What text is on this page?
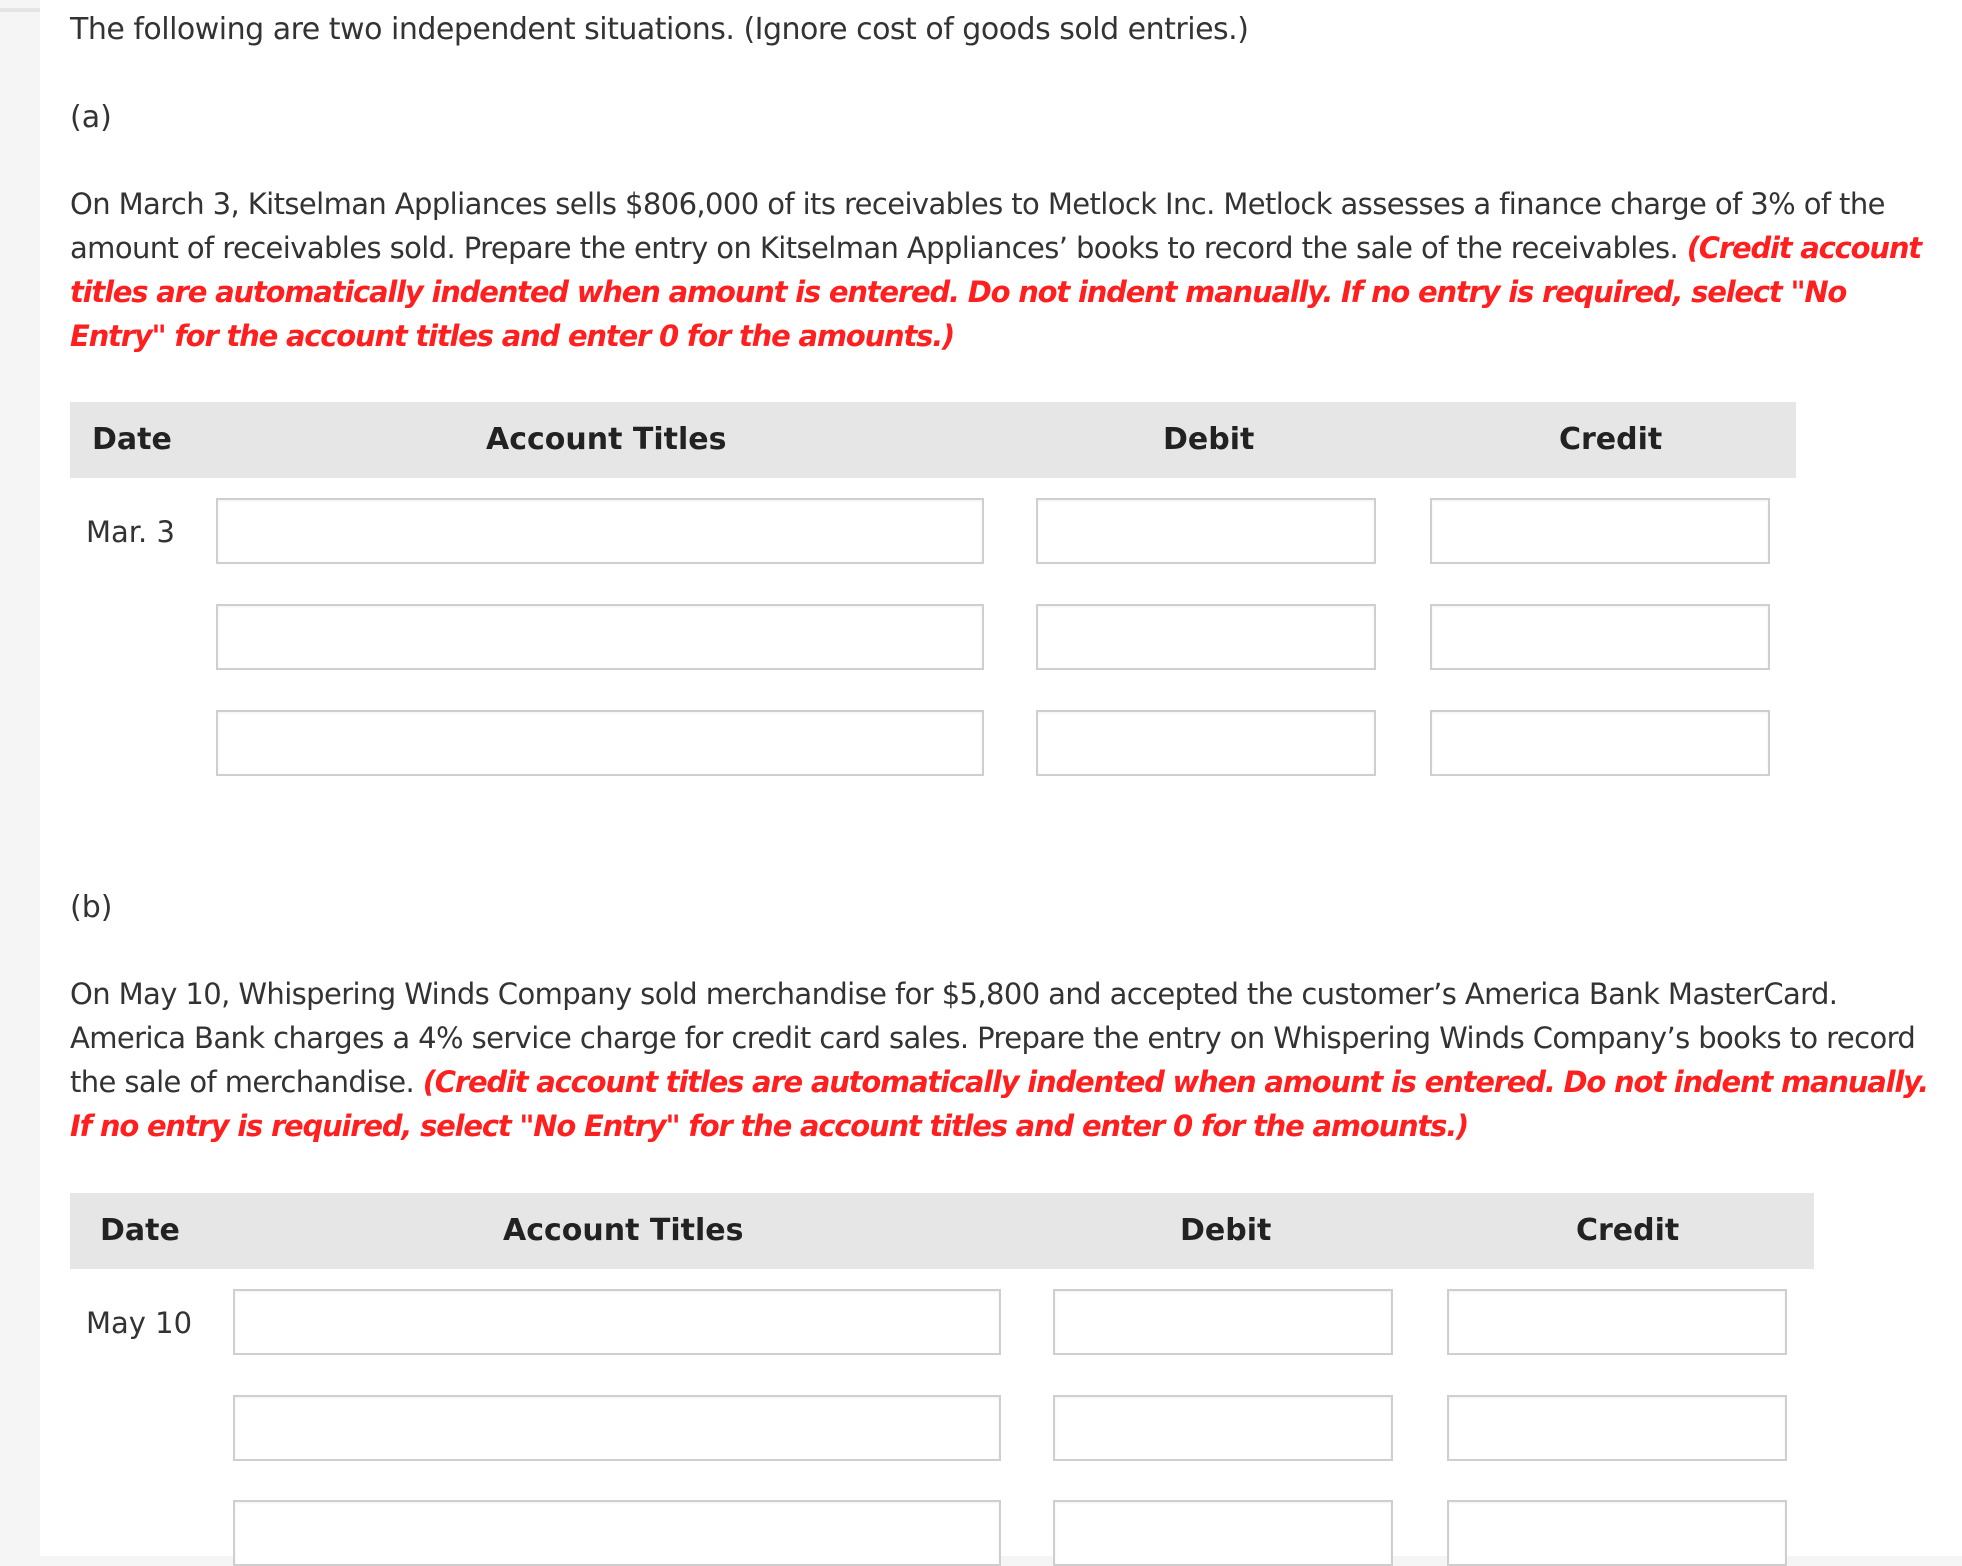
The following are two independent situations. (Ignore cost of goods sold entries.)
(a)
On March 3, Kitselman Appliances sells $806,000 of its receivables to Metlock Inc. Metlock assesses a finance charge of 3% of the amount of receivables sold. Prepare the entry on Kitselman Appliances’ books to record the sale of the receivables. (Credit account titles are automatically indented when amount is entered. Do not indent manually. If no entry is required, select "No Entry" for the account titles and enter 0 for the amounts.)
Date	Account Titles	Debit	Credit
Mar. 3
(b)
On May 10, Whispering Winds Company sold merchandise for $5,800 and accepted the customer’s America Bank MasterCard. America Bank charges a 4% service charge for credit card sales. Prepare the entry on Whispering Winds Company’s books to record the sale of merchandise. (Credit account titles are automatically indented when amount is entered. Do not indent manually. If no entry is required, select "No Entry" for the account titles and enter 0 for the amounts.)
Date	Account Titles	Debit	Credit
May 10
